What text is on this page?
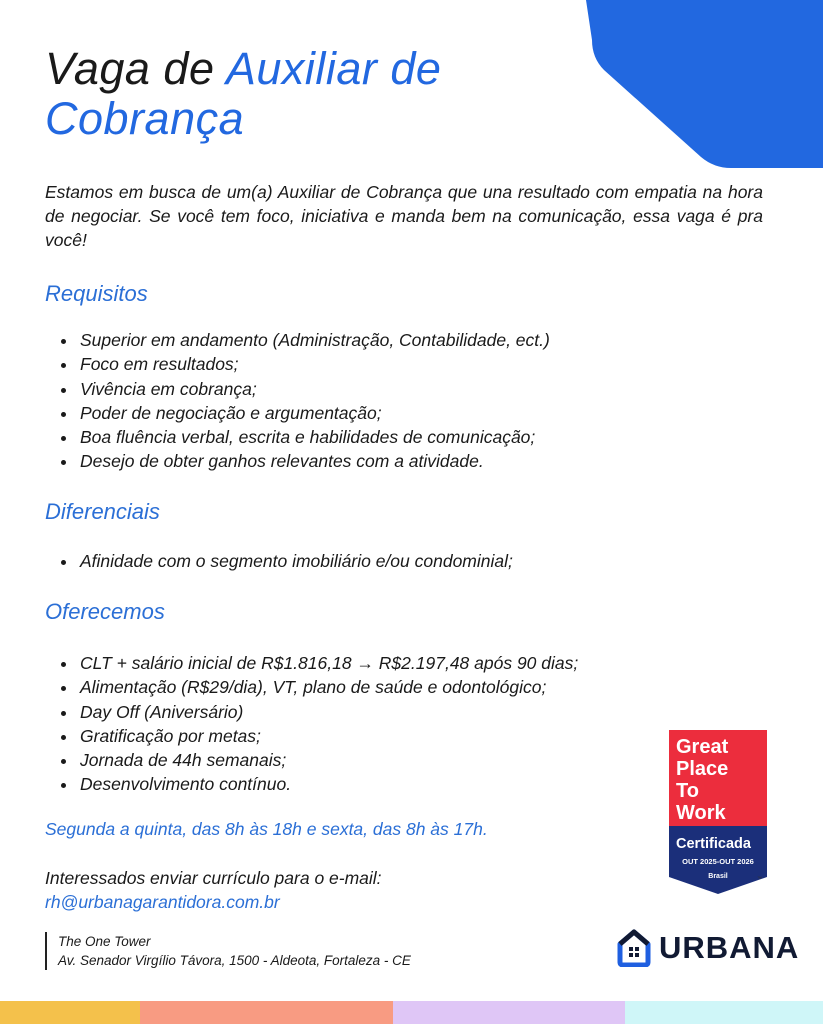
Vaga de Auxiliar de
Cobrança

Estamos em busca de um(a) Auxiliar de Cobrança que una resultado com empatia na hora de negociar. Se você tem foco, iniciativa e manda bem na comunicação, essa vaga é pra você!

Requisitos
• Superior em andamento (Administração, Contabilidade, ect.)
• Foco em resultados;
• Vivência em cobrança;
• Poder de negociação e argumentação;
• Boa fluência verbal, escrita e habilidades de comunicação;
• Desejo de obter ganhos relevantes com a atividade.
Diferenciais
• Afinidade com o segmento imobiliário e/ou condominial;
Oferecemos
• CLT + salário inicial de R$1.816,18 → R$2.197,48 após 90 dias;
• Alimentação (R$29/dia), VT, plano de saúde e odontológico;
• Day Off (Aniversário)
• Gratificação por metas;
• Jornada de 44h semanais;
• Desenvolvimento contínuo.
Segunda a quinta, das 8h às 18h e sexta, das 8h às 17h.
Interessados enviar currículo para o e-mail:
rh@urbanagarantidora.com.br
The One Tower
Av. Senador Virgílio Távora, 1500 - Aldeota, Fortaleza - CE
Great
Place
To
Work
Certificada
OUT 2025-OUT 2026
Brasil	™
URBANA
